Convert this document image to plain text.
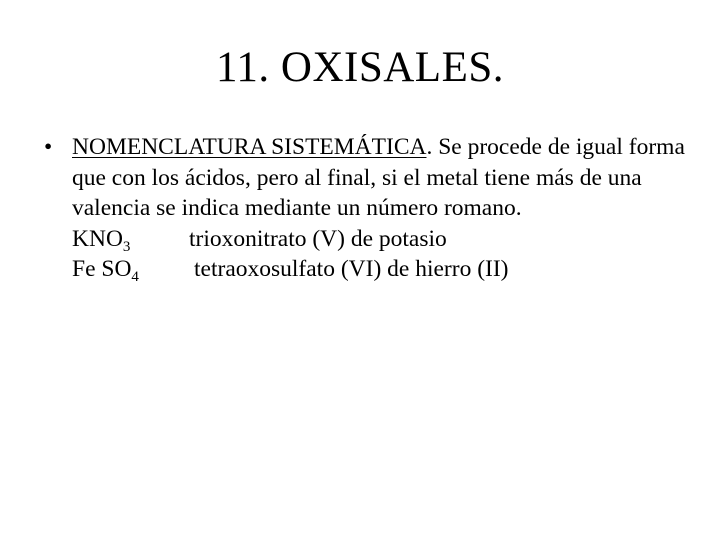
11. OXISALES.
• NOMENCLATURA SISTEMÁTICA. Se procede de igual forma que con los ácidos, pero al final, si el metal tiene más de una valencia se indica mediante un número romano.
$KNO_3$ trioxonitrato (V) de potasio
Fe $SO_4$ tetraoxosulfato (VI) de hierro (II)
